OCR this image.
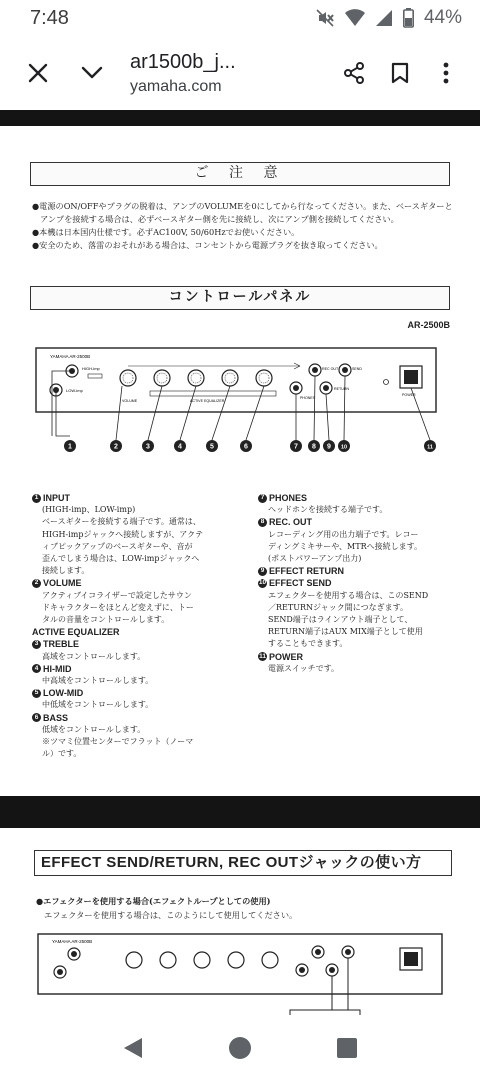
7:48	44%
ar1500b_j...
yamaha.com
ご 注 意
●電源のON/OFFやプラグの脱着は、アンプのVOLUMEを0にしてから行なってください。また、ベースギターとアンプを接続する場合は、必ずベースギター側を先に接続し、次にアンプ側を接続してください。
●本機は日本国内仕様です。必ずAC100V, 50/60Hzでお使いください。
●安全のため、落雷のおそれがある場合は、コンセントから電源プラグを抜き取ってください。
コントロールパネル
AR-2500B
YAMAHA AR-2500B
HIGH-imp
LOW-imp
VOLUME	ACTIVE EQUALIZER
REC OUT	SEND
RETURN
PHONES
POWER
1	2	3	4	5	6	7 8 9 10	11
1 INPUT
(HIGH-imp、LOW-imp)
ベースギターを接続する端子です。通常は、
HIGH-impジャックへ接続しますが、アクテ
ィブピックアップのベースギターや、音が
歪んでしまう場合は、LOW-impジャックへ
接続します。
2 VOLUME
アクティブイコライザーで設定したサウン
ドキャラクターをほとんど変えずに、トー
タルの音量をコントロールします。
ACTIVE EQUALIZER
3 TREBLE
高域をコントロールします。
4 HI-MID
中高域をコントロールします。
5 LOW-MID
中低域をコントロールします。
6 BASS
低域をコントロールします。
※ツマミ位置センターでフラット（ノーマ
ル）です。
7 PHONES
ヘッドホンを接続する端子です。
8 REC. OUT
レコーディング用の出力端子です。レコー
ディングミキサーや、MTRへ接続します。
(ポストパワーアンプ出力)
9 EFFECT RETURN
10 EFFECT SEND
エフェクターを使用する場合は、このSEND
／RETURNジャック間につなぎます。
SEND端子はラインアウト端子として、
RETURN端子はAUX MIX端子として使用
することもできます。
11 POWER
電源スイッチです。
EFFECT SEND/RETURN, REC OUTジャックの使い方
●エフェクターを使用する場合(エフェクトループとしての使用)
エフェクターを使用する場合は、このようにして使用してください。
YAMAHA AR-2500B
